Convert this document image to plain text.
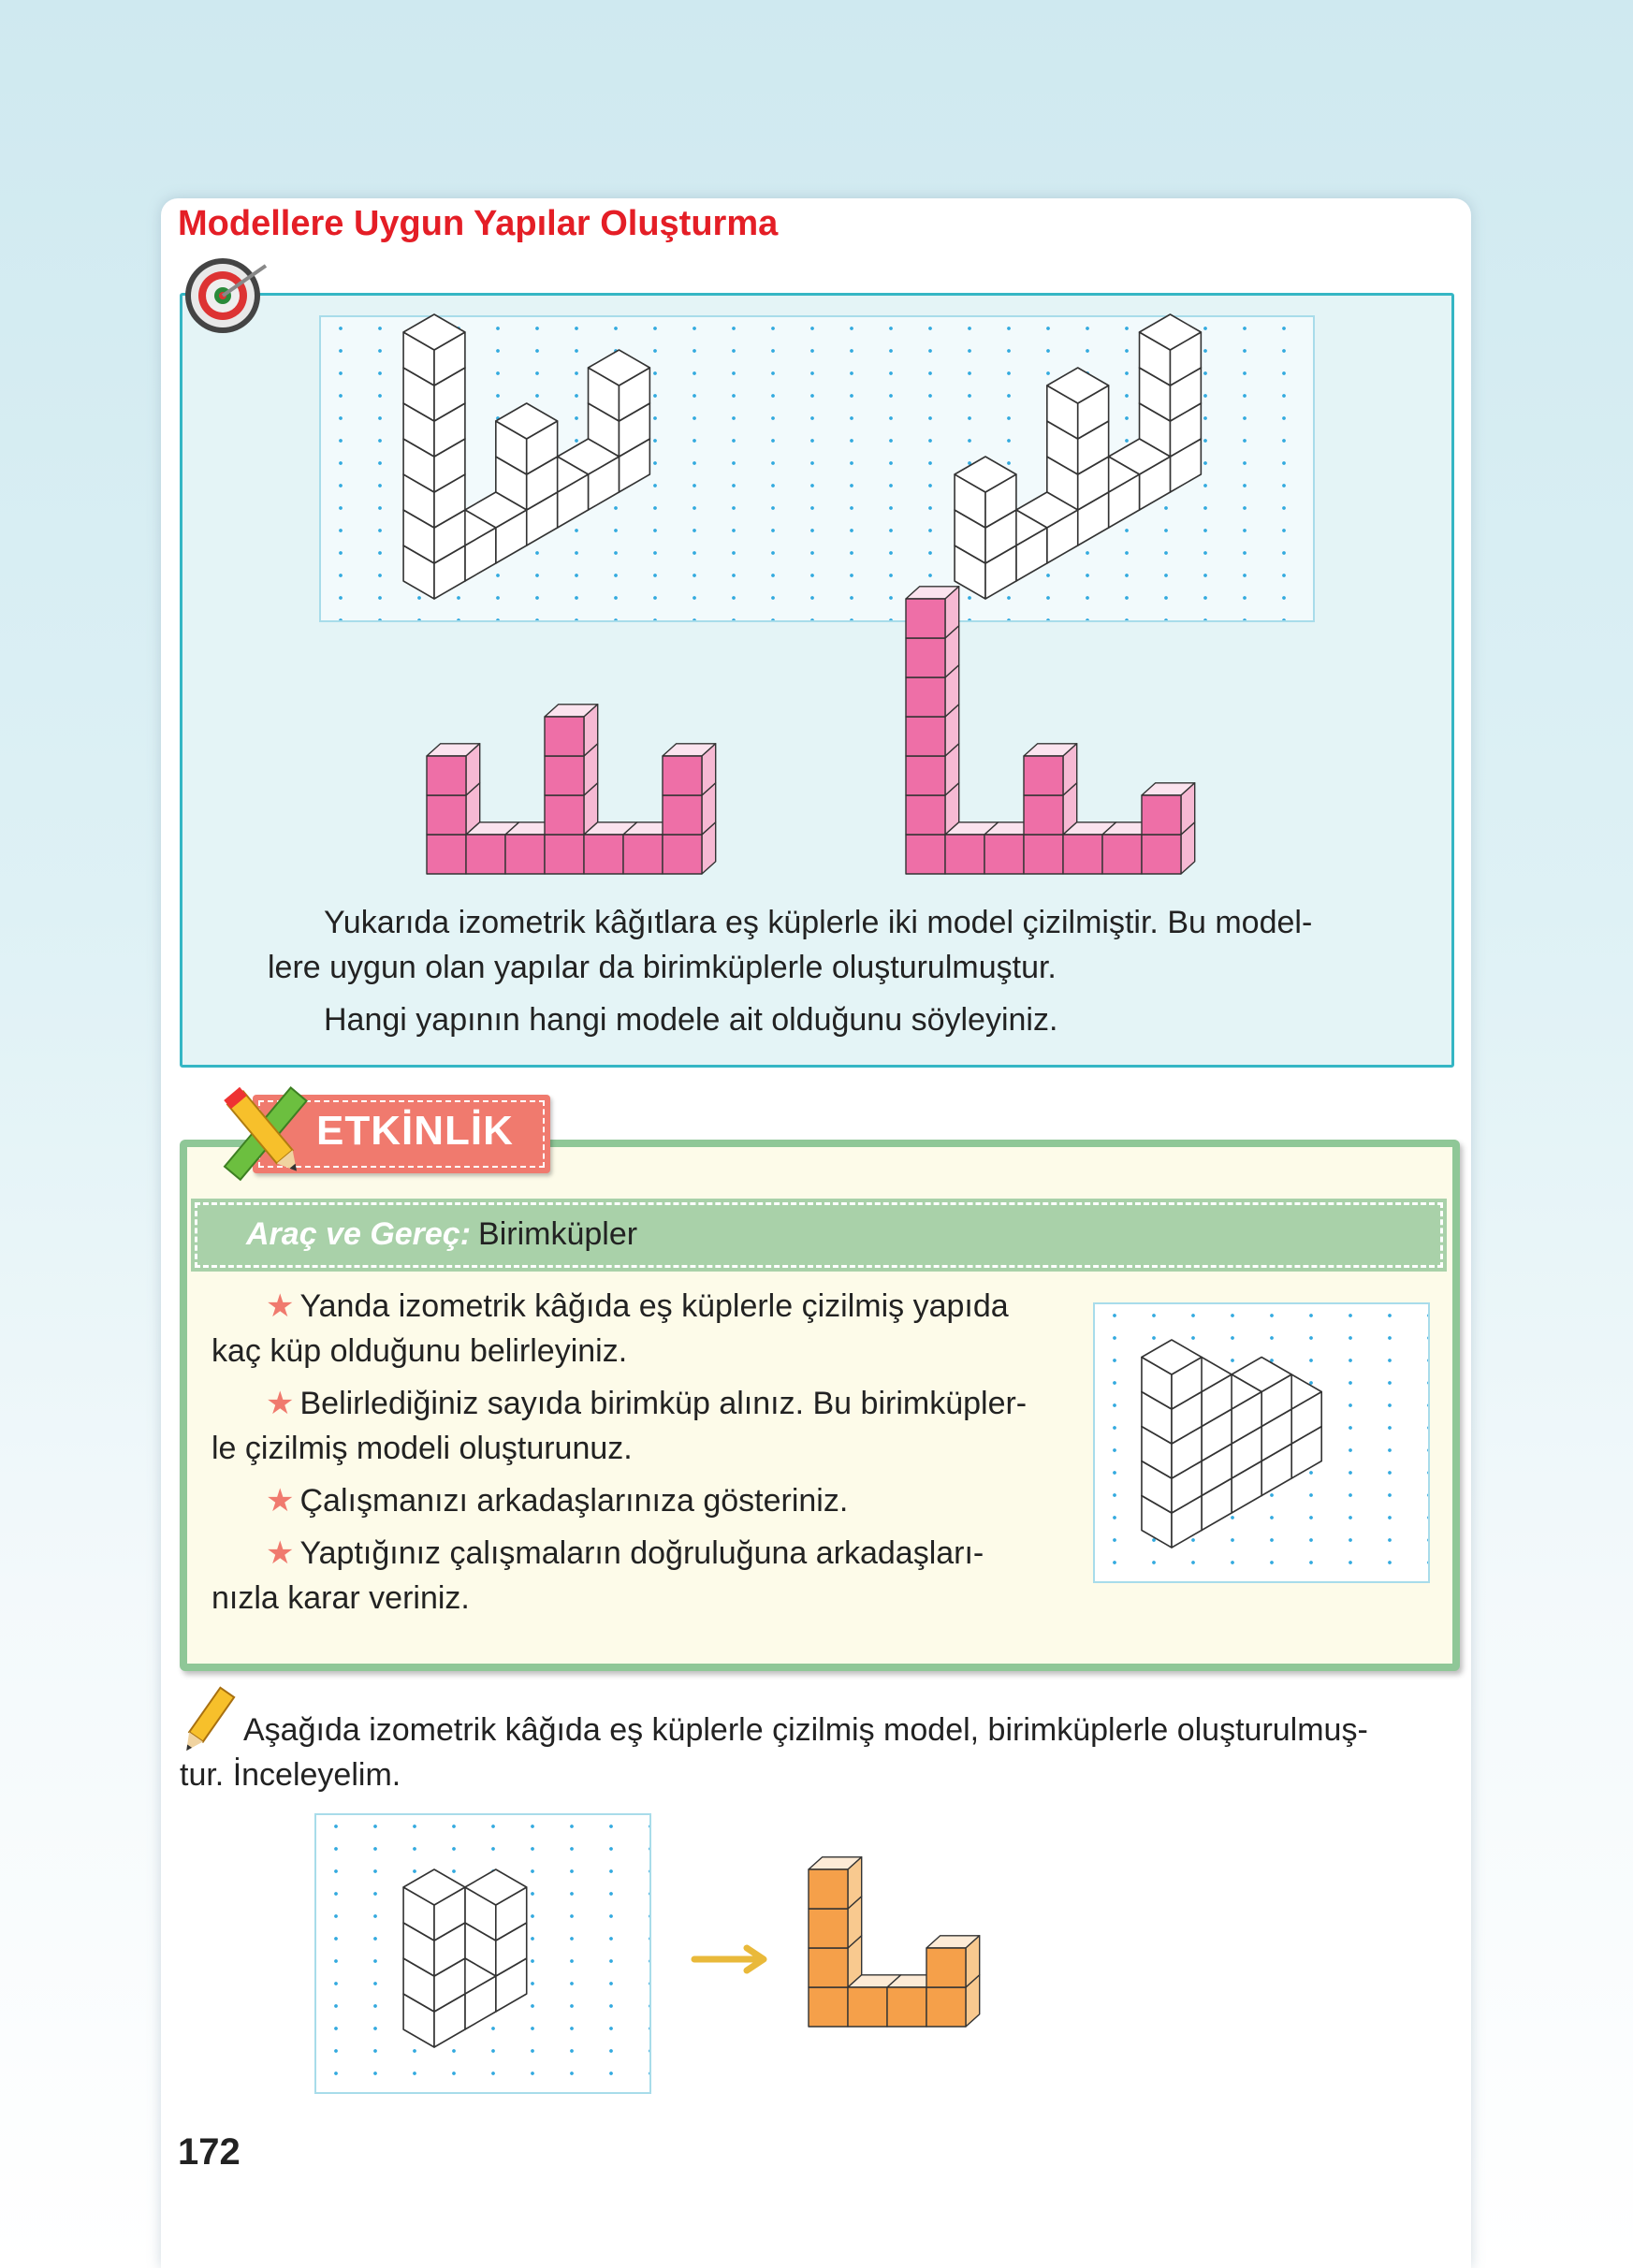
Modellere Uygun Yapılar Oluşturma
Yukarıda izometrik kâğıtlara eş küplerle iki model çizilmiştir. Bu model-
lere uygun olan yapılar da birimküplerle oluşturulmuştur.
Hangi yapının hangi modele ait olduğunu söyleyiniz.
ETKİNLİK
Araç ve Gereç: Birimküpler
★ Yanda izometrik kâğıda eş küplerle çizilmiş yapıda
kaç küp olduğunu belirleyiniz.
★ Belirlediğiniz sayıda birimküp alınız. Bu birimküpler-
le çizilmiş modeli oluşturunuz.
★ Çalışmanızı arkadaşlarınıza gösteriniz.
★ Yaptığınız çalışmaların doğruluğuna arkadaşları-
nızla karar veriniz.
Aşağıda izometrik kâğıda eş küplerle çizilmiş model, birimküplerle oluşturulmuş-
tur. İnceleyelim.
172
